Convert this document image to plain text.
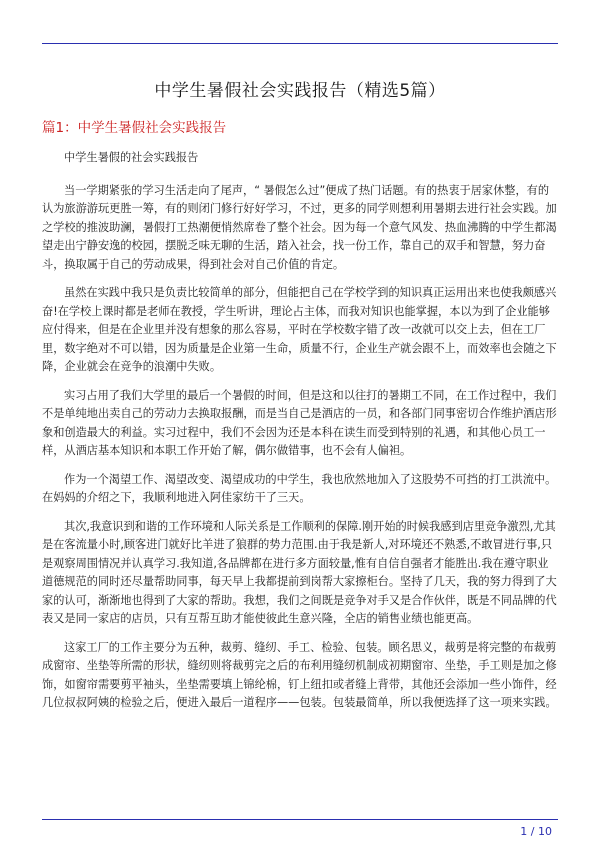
中学生暑假社会实践报告（精选5篇）
篇1：中学生暑假社会实践报告

中学生暑假的社会实践报告

当一学期紧张的学习生活走向了尾声，“ 暑假怎么过”便成了热门话题。有的热衷于居家休整，有的认为旅游游玩更胜一筹，有的则闭门修行好好学习，不过，更多的同学则想利用暑期去进行社会实践。加之学校的推波助澜，暑假打工热潮便悄然席卷了整个社会。因为每一个意气风发、热血沸腾的中学生都渴望走出宁静安逸的校园，摆脱乏味无聊的生活，踏入社会，找一份工作，靠自己的双手和智慧，努力奋斗，换取属于自己的劳动成果，得到社会对自己价值的肯定。

虽然在实践中我只是负责比较简单的部分，但能把自己在学校学到的知识真正运用出来也使我颇感兴奋!在学校上课时都是老师在教授，学生听讲，理论占主体，而我对知识也能掌握，本以为到了企业能够应付得来，但是在企业里并没有想象的那么容易，平时在学校数字错了改一改就可以交上去，但在工厂里，数字绝对不可以错，因为质量是企业第一生命，质量不行，企业生产就会跟不上，而效率也会随之下降，企业就会在竞争的浪潮中失败。

实习占用了我们大学里的最后一个暑假的时间，但是这和以往打的暑期工不同，在工作过程中，我们不是单纯地出卖自己的劳动力去换取报酬，而是当自己是酒店的一员，和各部门同事密切合作维护酒店形象和创造最大的利益。实习过程中，我们不会因为还是本科在读生而受到特别的礼遇，和其他心员工一样，从酒店基本知识和本职工作开始了解，偶尔做错事，也不会有人偏袒。

作为一个渴望工作、渴望改变、渴望成功的中学生，我也欣然地加入了这股势不可挡的打工洪流中。在妈妈的介绍之下，我顺利地进入阿佳家纺干了三天。

其次,我意识到和谐的工作环境和人际关系是工作顺利的保障.刚开始的时候我感到店里竞争激烈,尤其是在客流量小时,顾客进门就好比羊进了狼群的势力范围.由于我是新人,对环境还不熟悉,不敢冒进行事,只是观察周围情况并认真学习.我知道,各品牌都在进行多方面较量,惟有自信自强者才能胜出.我在遵守职业道德规范的同时还尽量帮助同事，每天早上我都提前到岗帮大家擦柜台。坚持了几天，我的努力得到了大家的认可，渐渐地也得到了大家的帮助。我想，我们之间既是竞争对手又是合作伙伴，既是不同品牌的代表又是同一家店的店员，只有互帮互助才能使彼此生意兴隆，全店的销售业绩也能更高。

这家工厂的工作主要分为五种，裁剪、缝纫、手工、检验、包装。顾名思义，裁剪是将完整的布裁剪成窗帘、坐垫等所需的形状，缝纫则将裁剪完之后的布利用缝纫机制成初期窗帘、坐垫，手工则是加之修饰，如窗帘需要剪平袖头，坐垫需要填上锦纶棉，钉上纽扣或者缝上背带，其他还会添加一些小饰件，经几位叔叔阿姨的检验之后，便进入最后一道程序——包装。包装最简单，所以我便选择了这一项来实践。

1 / 10
